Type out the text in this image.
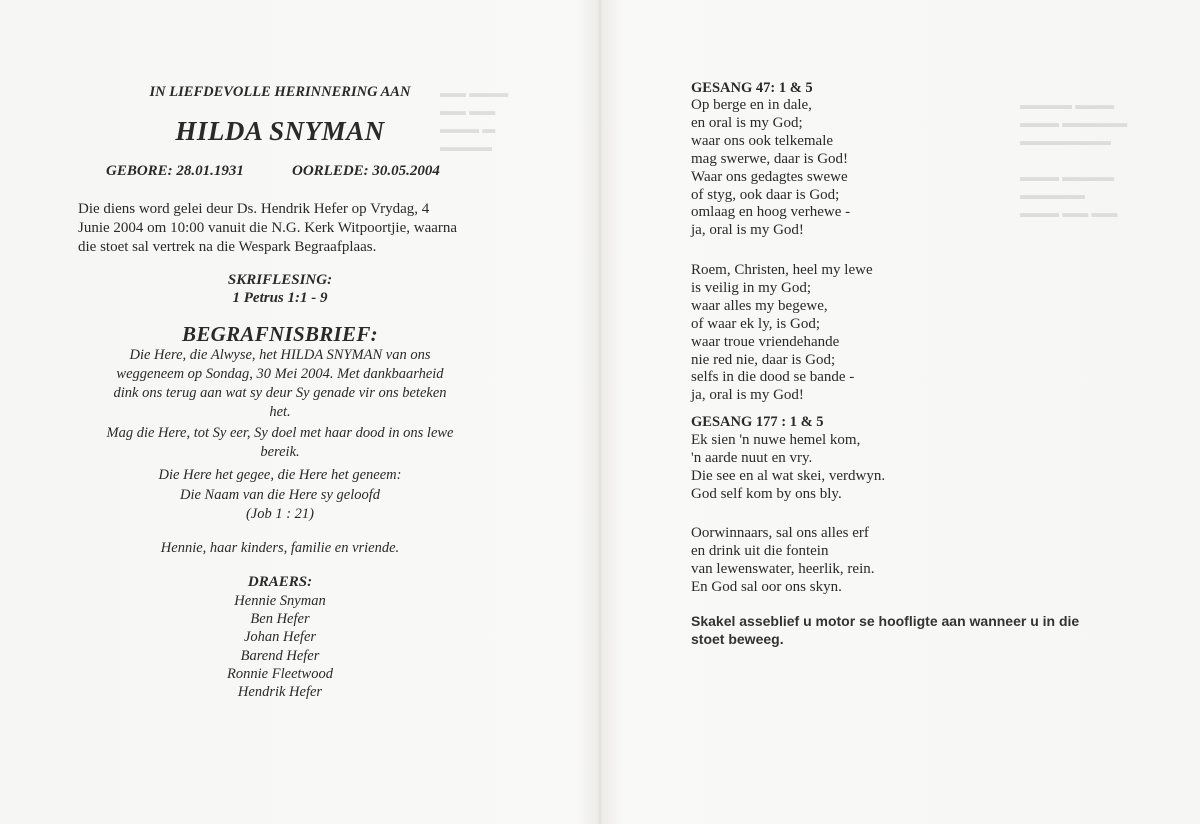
▬▬ ▬▬▬
▬▬ ▬▬
▬▬▬ ▬
▬▬▬▬
IN LIEFDEVOLLE HERINNERING AAN
HILDA SNYMAN
GEBORE: 28.01.1931	OORLEDE: 30.05.2004
Die diens word gelei deur Ds. Hendrik Hefer op Vrydag, 4
Junie 2004 om 10:00 vanuit die N.G. Kerk Witpoortjie, waarna
die stoet sal vertrek na die Wespark Begraafplaas.
SKRIFLESING:
1 Petrus 1:1 - 9
BEGRAFNISBRIEF:

Die Here, die Alwyse, het HILDA SNYMAN van ons

weggeneem op Sondag, 30 Mei 2004. Met dankbaarheid

dink ons terug aan wat sy deur Sy genade vir ons beteken

het.

Mag die Here, tot Sy eer, Sy doel met haar dood in ons lewe

bereik.

Die Here het gegee, die Here het geneem:
Die Naam van die Here sy geloofd
(Job 1 : 21)
Hennie, haar kinders, familie en vriende.
DRAERS:
Hennie Snyman
Ben Hefer
Johan Hefer
Barend Hefer
Ronnie Fleetwood
Hendrik Hefer
▬▬▬▬ ▬▬▬
▬▬▬ ▬▬▬▬▬
▬▬▬▬▬▬▬

▬▬▬ ▬▬▬▬
▬▬▬▬▬
▬▬▬ ▬▬ ▬▬
GESANG 47: 1 & 5
Op berge en in dale,
en oral is my God;
waar ons ook telkemale
mag swerwe, daar is God!
Waar ons gedagtes swewe
of styg, ook daar is God;
omlaag en hoog verhewe -
ja, oral is my God!
Roem, Christen, heel my lewe
is veilig in my God;
waar alles my begewe,
of waar ek ly, is God;
waar troue vriendehande
nie red nie, daar is God;
selfs in die dood se bande -
ja, oral is my God!
GESANG 177 : 1 & 5
Ek sien 'n nuwe hemel kom,
'n aarde nuut en vry.
Die see en al wat skei, verdwyn.
God self kom by ons bly.
Oorwinnaars, sal ons alles erf
en drink uit die fontein
van lewenswater, heerlik, rein.
En God sal oor ons skyn.
Skakel asseblief u motor se hoofligte aan wanneer u in die
stoet beweeg.
